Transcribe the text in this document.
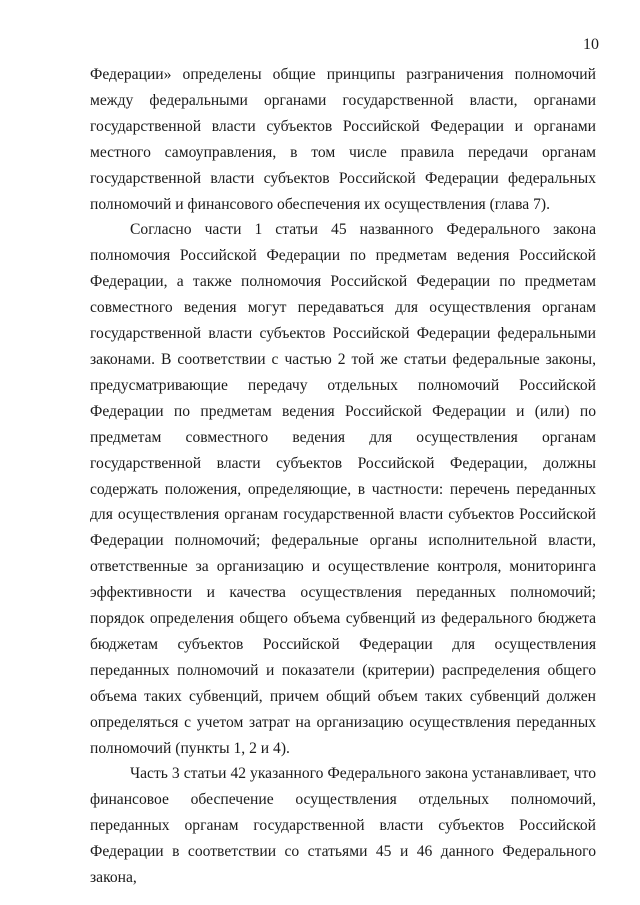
10

Федерации» определены общие принципы разграничения полномочий между федеральными органами государственной власти, органами государственной власти субъектов Российской Федерации и органами местного самоуправления, в том числе правила передачи органам государственной власти субъектов Российской Федерации федеральных полномочий и финансового обеспечения их осуществления (глава 7).

Согласно части 1 статьи 45 названного Федерального закона полномочия Российской Федерации по предметам ведения Российской Федерации, а также полномочия Российской Федерации по предметам совместного ведения могут передаваться для осуществления органам государственной власти субъектов Российской Федерации федеральными законами. В соответствии с частью 2 той же статьи федеральные законы, предусматривающие передачу отдельных полномочий Российской Федерации по предметам ведения Российской Федерации и (или) по предметам совместного ведения для осуществления органам государственной власти субъектов Российской Федерации, должны содержать положения, определяющие, в частности: перечень переданных для осуществления органам государственной власти субъектов Российской Федерации полномочий; федеральные органы исполнительной власти, ответственные за организацию и осуществление контроля, мониторинга эффективности и качества осуществления переданных полномочий; порядок определения общего объема субвенций из федерального бюджета бюджетам субъектов Российской Федерации для осуществления переданных полномочий и показатели (критерии) распределения общего объема таких субвенций, причем общий объем таких субвенций должен определяться с учетом затрат на организацию осуществления переданных полномочий (пункты 1, 2 и 4).

Часть 3 статьи 42 указанного Федерального закона устанавливает, что финансовое обеспечение осуществления отдельных полномочий, переданных органам государственной власти субъектов Российской Федерации в соответствии со статьями 45 и 46 данного Федерального закона,
